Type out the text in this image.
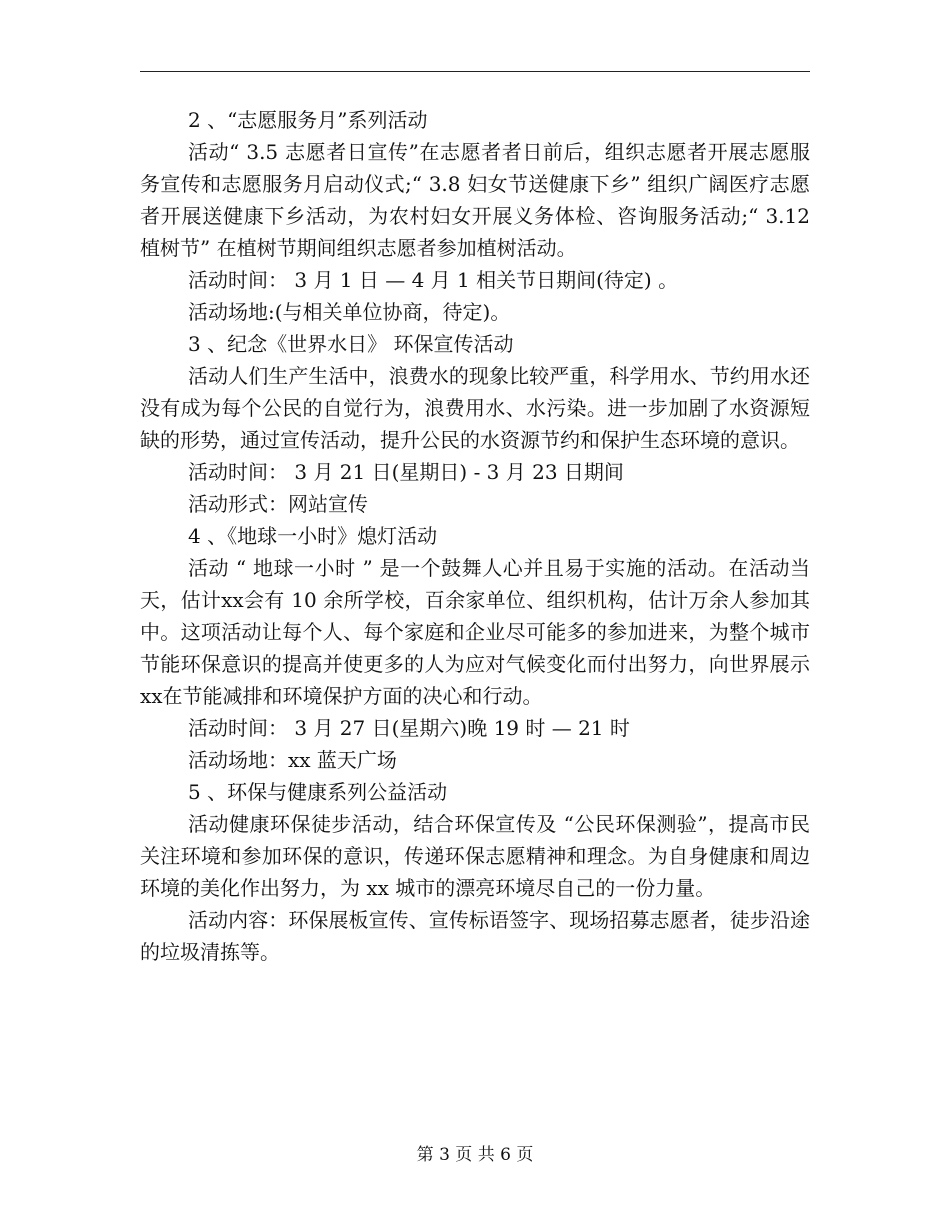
2 、“志愿服务月”系列活动

活动“ 3.5 志愿者日宣传”在志愿者者日前后，组织志愿者开展志愿服务宣传和志愿服务月启动仪式;“ 3.8 妇女节送健康下乡” 组织广阔医疗志愿者开展送健康下乡活动，为农村妇女开展义务体检、咨询服务活动;“ 3.12 植树节” 在植树节期间组织志愿者参加植树活动。

活动时间： 3 月 1 日 — 4 月 1 相关节日期间(待定) 。

活动场地:(与相关单位协商，待定)。

3 、纪念《世界水日》 环保宣传活动

活动人们生产生活中，浪费水的现象比较严重，科学用水、节约用水还没有成为每个公民的自觉行为，浪费用水、水污染。进一步加剧了水资源短缺的形势，通过宣传活动，提升公民的水资源节约和保护生态环境的意识。

活动时间： 3 月 21 日(星期日) - 3 月 23 日期间

活动形式：网站宣传

4 、《地球一小时》熄灯活动

活动 “ 地球一小时 ” 是一个鼓舞人心并且易于实施的活动。在活动当天，估计xx会有 10 余所学校，百余家单位、组织机构，估计万余人参加其中。这项活动让每个人、每个家庭和企业尽可能多的参加进来，为整个城市节能环保意识的提高并使更多的人为应对气候变化而付出努力，向世界展示xx在节能减排和环境保护方面的决心和行动。

活动时间： 3 月 27 日(星期六)晚 19 时 — 21 时

活动场地：xx 蓝天广场

5 、环保与健康系列公益活动

活动健康环保徒步活动，结合环保宣传及 “公民环保测验”，提高市民关注环境和参加环保的意识，传递环保志愿精神和理念。为自身健康和周边环境的美化作出努力，为 xx 城市的漂亮环境尽自己的一份力量。

活动内容：环保展板宣传、宣传标语签字、现场招募志愿者，徒步沿途的垃圾清拣等。

第 3 页 共 6 页
